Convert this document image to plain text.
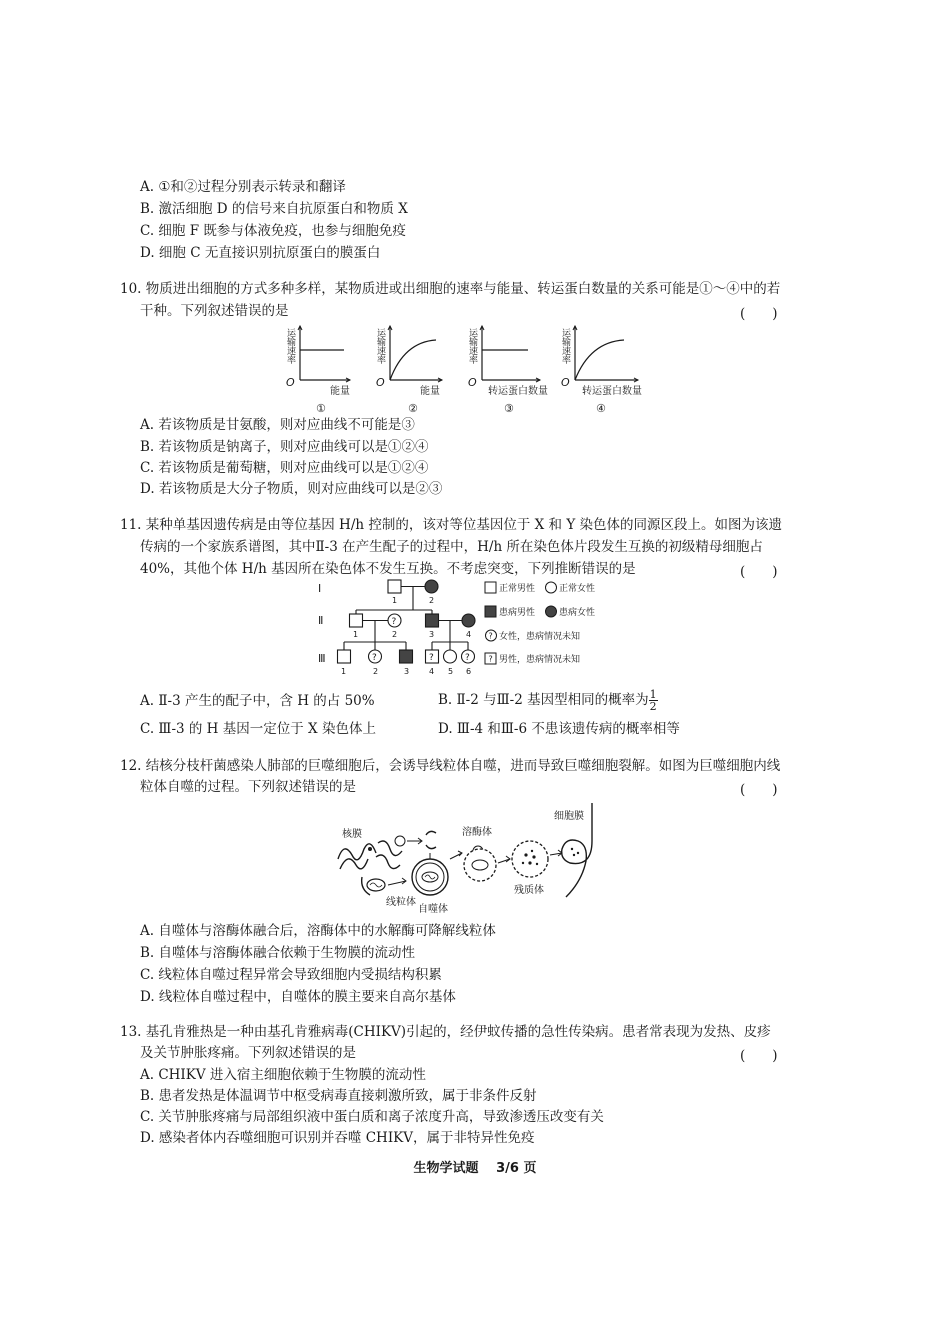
A. ①和②过程分别表示转录和翻译
B. 激活细胞 D 的信号来自抗原蛋白和物质 X
C. 细胞 F 既参与体液免疫，也参与细胞免疫
D. 细胞 C 无直接识别抗原蛋白的膜蛋白
10. 物质进出细胞的方式多种多样，某物质进或出细胞的速率与能量、转运蛋白数量的关系可能是①～④中的若
干种。下列叙述错误的是	(　　)
运输速率
O
能量
①
运输速率
O
能量
②
运输速率
O
转运蛋白数量
③
运输速率
O
转运蛋白数量
④
A. 若该物质是甘氨酸，则对应曲线不可能是③
B. 若该物质是钠离子，则对应曲线可以是①②④
C. 若该物质是葡萄糖，则对应曲线可以是①②④
D. 若该物质是大分子物质，则对应曲线可以是②③
11. 某种单基因遗传病是由等位基因 H/h 控制的，该对等位基因位于 X 和 Y 染色体的同源区段上。如图为该遗
传病的一个家族系谱图，其中Ⅱ-3 在产生配子的过程中，H/h 所在染色体片段发生互换的初级精母细胞占
40%，其他个体 H/h 基因所在染色体不发生互换。不考虑突变，下列推断错误的是	(　　)
Ⅰ
Ⅱ
Ⅲ
1	2
?
1	2	3	4
?	?	?
1	2	3 4 5 6
正常男性	正常女性
患病男性	患病女性
? 女性，患病情况未知
? 男性，患病情况未知
A. Ⅱ-3 产生的配子中，含 H 的占 50%	B. Ⅱ-2 与Ⅲ-2 基因型相同的概率为 $\frac{1}{2}$
C. Ⅲ-3 的 H 基因一定位于 X 染色体上	D. Ⅲ-4 和Ⅲ-6 不患该遗传病的概率相等
12. 结核分枝杆菌感染人肺部的巨噬细胞后，会诱导线粒体自噬，进而导致巨噬细胞裂解。如图为巨噬细胞内线
粒体自噬的过程。下列叙述错误的是	(　　)
核膜
线粒体
自噬体
溶酶体
残质体
细胞膜
A. 自噬体与溶酶体融合后，溶酶体中的水解酶可降解线粒体
B. 自噬体与溶酶体融合依赖于生物膜的流动性
C. 线粒体自噬过程异常会导致细胞内受损结构积累
D. 线粒体自噬过程中，自噬体的膜主要来自高尔基体
13. 基孔肯雅热是一种由基孔肯雅病毒(CHIKV)引起的，经伊蚊传播的急性传染病。患者常表现为发热、皮疹
及关节肿胀疼痛。下列叙述错误的是	(　　)
A. CHIKV 进入宿主细胞依赖于生物膜的流动性
B. 患者发热是体温调节中枢受病毒直接刺激所致，属于非条件反射
C. 关节肿胀疼痛与局部组织液中蛋白质和离子浓度升高，导致渗透压改变有关
D. 感染者体内吞噬细胞可识别并吞噬 CHIKV，属于非特异性免疫
生物学试题　 3/6 页
